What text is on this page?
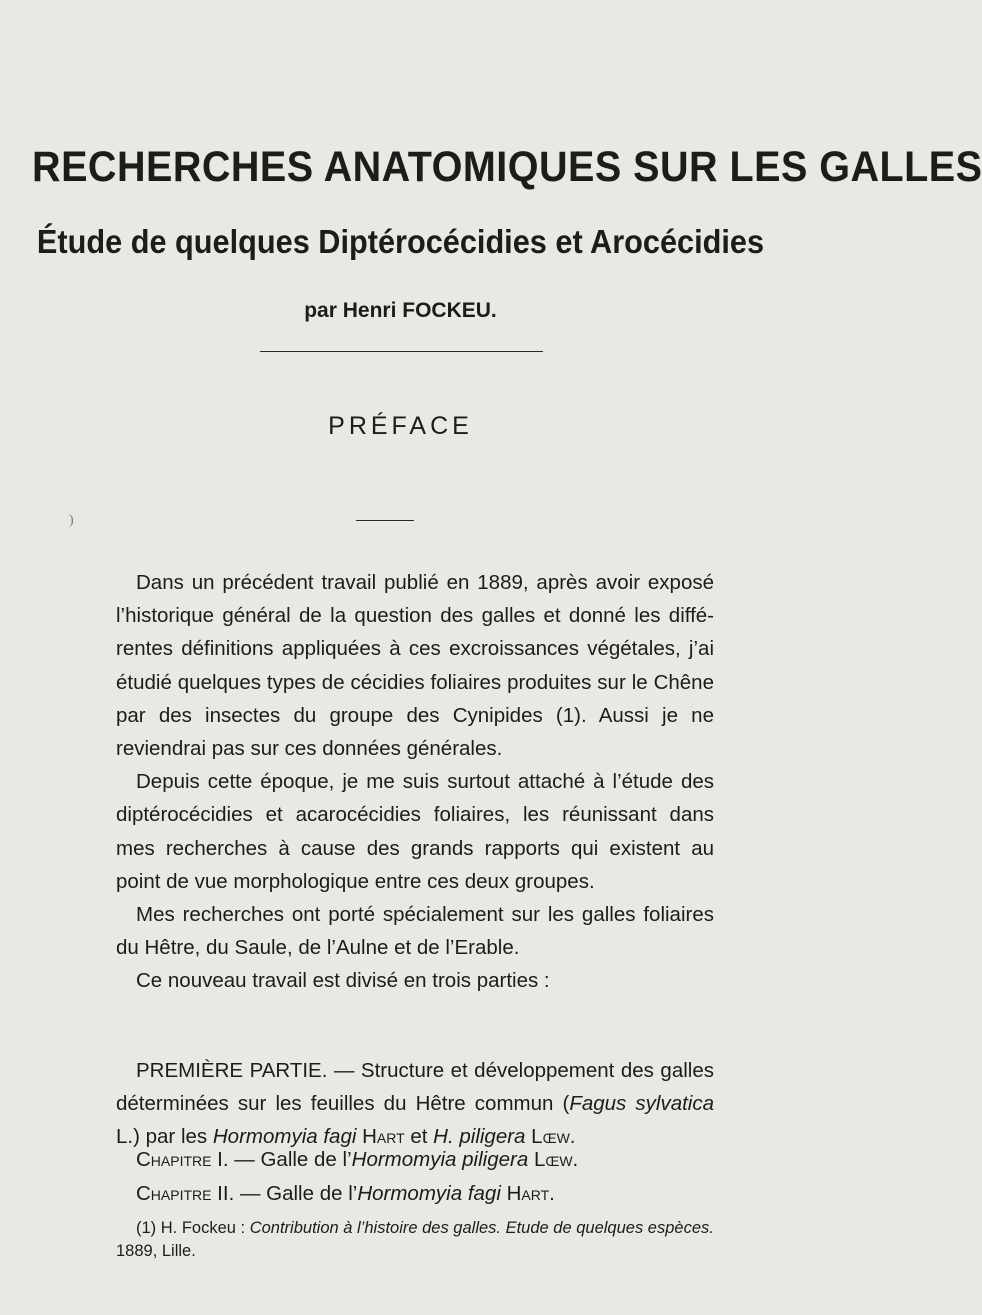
RECHERCHES ANATOMIQUES SUR LES GALLES
Étude de quelques Diptérocécidies et Arocécidies
par Henri FOCKEU.
PRÉFACE
)

Dans un précédent travail publié en 1889, après avoir exposé l’historique général de la question des galles et donné les diffé- rentes définitions appliquées à ces excroissances végétales, j’ai étudié quelques types de cécidies foliaires produites sur le Chêne par des insectes du groupe des Cynipides (1). Aussi je ne reviendrai pas sur ces données générales.

Depuis cette époque, je me suis surtout attaché à l’étude des diptérocécidies et acarocécidies foliaires, les réunissant dans mes recherches à cause des grands rapports qui existent au point de vue morphologique entre ces deux groupes.

Mes recherches ont porté spécialement sur les galles foliaires du Hêtre, du Saule, de l’Aulne et de l’Erable.

Ce nouveau travail est divisé en trois parties :

PREMIÈRE PARTIE. — Structure et développement des galles déterminées sur les feuilles du Hêtre commun (Fagus sylvatica L.) par les Hormomyia fagi Hart et H. piligera Lœw.

Chapitre I. — Galle de l’Hormomyia piligera Lœw.
Chapitre II. — Galle de l’Hormomyia fagi Hart.
(1) H. Fockeu : Contribution à l’histoire des galles. Etude de quelques espèces.
1889, Lille.
